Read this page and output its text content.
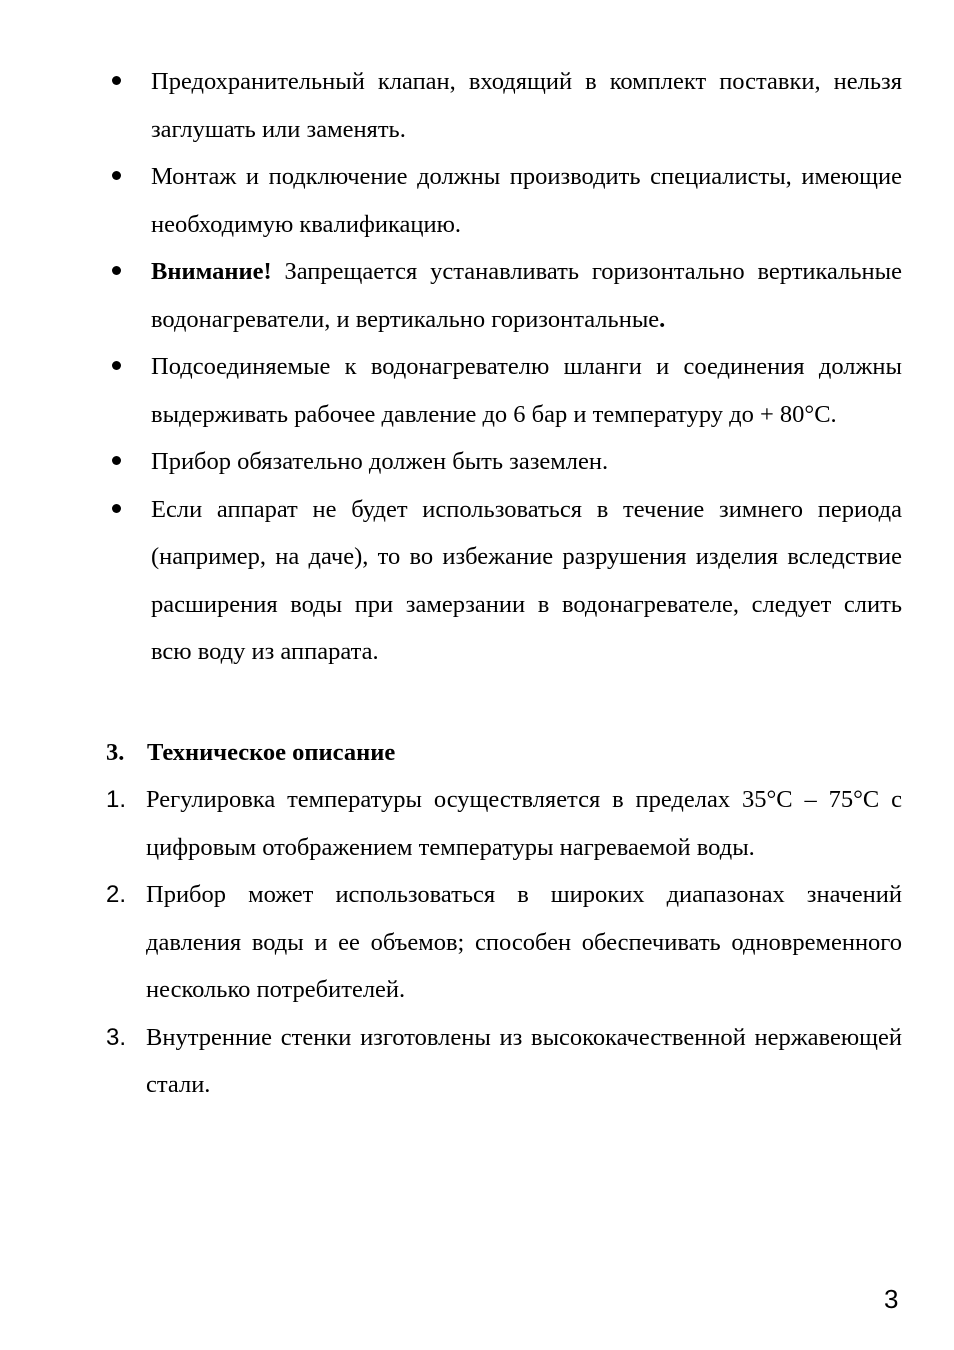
Предохранительный клапан, входящий в комплект поставки, нельзя заглушать или заменять.
Монтаж и подключение должны производить специалисты, имеющие необходимую квалификацию.
Внимание! Запрещается устанавливать горизонтально вертикальные водонагреватели, и вертикально горизонтальные.
Подсоединяемые к водонагревателю шланги и соединения должны выдерживать рабочее давление до 6 бар и температуру до + 80°C.
Прибор обязательно должен быть заземлен.
Если аппарат не будет использоваться в течение зимнего периода (например, на даче), то во избежание разрушения изделия вследствие расширения воды при замерзании в водонагревателе, следует слить всю воду из аппарата.
3. Техническое описание
1. Регулировка температуры осуществляется в пределах 35°C – 75°C с цифровым отображением температуры нагреваемой воды.
2. Прибор может использоваться в широких диапазонах значений давления воды и ее объемов; способен обеспечивать одновременного несколько потребителей.
3. Внутренние стенки изготовлены из высококачественной нержавеющей стали.
3
